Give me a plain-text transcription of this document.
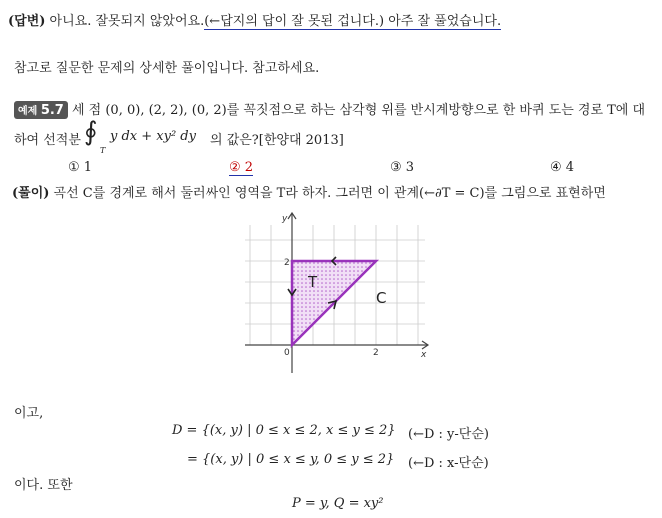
(답변) 아니요. 잘못되지 않았어요.(←답지의 답이 잘 못된 겁니다.) 아주 잘 풀었습니다.
참고로 질문한 문제의 상세한 풀이입니다. 참고하세요.
예제 5.7 세 점 (0, 0), (2, 2), (0, 2)를 꼭짓점으로 하는 삼각형 위를 반시계방향으로 한 바퀴 도는 경로 T에 대
하여 선적분 ∮
T
y dx + xy² dy 의 값은?[한양대 2013]
① 1	② 2	③ 3	④ 4
(풀이) 곡선 C를 경계로 해서 둘러싸인 영역을 T라 하자. 그러면 이 관계(←∂T = C)를 그림으로 표현하면
y
x
0	2
2
T
C
이고,
D = {(x, y) | 0 ≤ x ≤ 2, x ≤ y ≤ 2} (←D : y-단순)
= {(x, y) | 0 ≤ x ≤ y, 0 ≤ y ≤ 2} (←D : x-단순)
이다. 또한
P = y, Q = xy²
